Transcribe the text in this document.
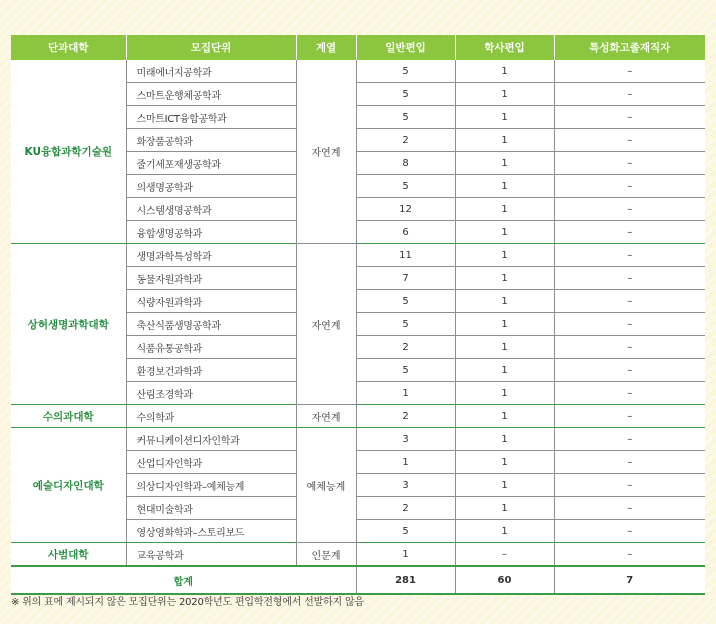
단과대학	모집단위	계열	일반편입	학사편입	특성화고졸재직자
KU융합과학기술원	미래에너지공학과	자연계	5	1	–
	스마트운행체공학과		5	1	–
	스마트ICT융합공학과		5	1	–
	화장품공학과		2	1	–
	줄기세포재생공학과		8	1	–
	의생명공학과		5	1	–
	시스템생명공학과		12	1	–
	융합생명공학과		6	1	–
상허생명과학대학	생명과학특성학과	자연계	11	1	–
	동물자원과학과		7	1	–
	식량자원과학과		5	1	–
	축산식품생명공학과		5	1	–
	식품유통공학과		2	1	–
	환경보건과학과		5	1	–
	산림조경학과		1	1	–
수의과대학	수의학과	자연계	2	1	–
예술디자인대학	커뮤니케이션디자인학과	예체능계	3	1	–
	산업디자인학과		1	1	–
	의상디자인학과–예체능계		3	1	–
	현대미술학과		2	1	–
	영상영화학과–스토리보드		5	1	–
사범대학	교육공학과	인문계	1	–	–
합계			281	60	7
※ 위의 표에 제시되지 않은 모집단위는 2020학년도 편입학전형에서 선발하지 않음
